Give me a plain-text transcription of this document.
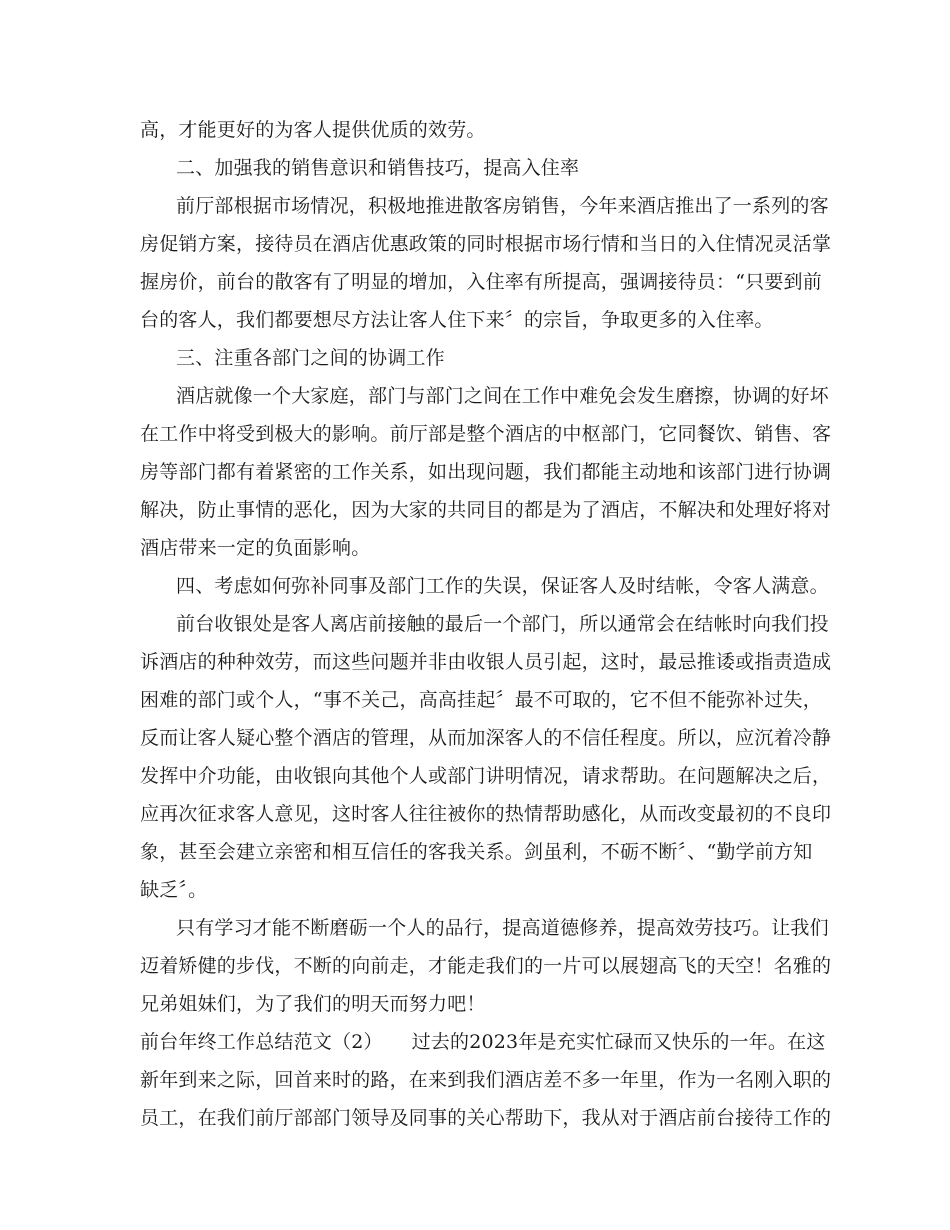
高，才能更好的为客人提供优质的效劳。
二、加强我的销售意识和销售技巧，提高入住率
前厅部根据市场情况，积极地推进散客房销售，今年来酒店推出了一系列的客
房促销方案，接待员在酒店优惠政策的同时根据市场行情和当日的入住情况灵活掌
握房价，前台的散客有了明显的增加，入住率有所提高，强调接待员：“只要到前
台的客人，我们都要想尽方法让客人住下来〞的宗旨，争取更多的入住率。
三、注重各部门之间的协调工作
酒店就像一个大家庭，部门与部门之间在工作中难免会发生磨擦，协调的好坏
在工作中将受到极大的影响。前厅部是整个酒店的中枢部门，它同餐饮、销售、客
房等部门都有着紧密的工作关系，如出现问题，我们都能主动地和该部门进行协调
解决，防止事情的恶化，因为大家的共同目的都是为了酒店，不解决和处理好将对
酒店带来一定的负面影响。
四、考虑如何弥补同事及部门工作的失误，保证客人及时结帐，令客人满意。
前台收银处是客人离店前接触的最后一个部门，所以通常会在结帐时向我们投
诉酒店的种种效劳，而这些问题并非由收银人员引起，这时，最忌推诿或指责造成
困难的部门或个人，“事不关己，高高挂起〞最不可取的，它不但不能弥补过失，
反而让客人疑心整个酒店的管理，从而加深客人的不信任程度。所以，应沉着冷静
发挥中介功能，由收银向其他个人或部门讲明情况，请求帮助。在问题解决之后，
应再次征求客人意见，这时客人往往被你的热情帮助感化，从而改变最初的不良印
象，甚至会建立亲密和相互信任的客我关系。剑虽利，不砺不断〞、“勤学前方知
缺乏〞。
只有学习才能不断磨砺一个人的品行，提高道德修养，提高效劳技巧。让我们
迈着矫健的步伐，不断的向前走，才能走我们的一片可以展翅高飞的天空！名雅的
兄弟姐妹们，为了我们的明天而努力吧！
前台年终工作总结范文（2）　　过去的2023年是充实忙碌而又快乐的一年。在这
新年到来之际，回首来时的路，在来到我们酒店差不多一年里，作为一名刚入职的
员工，在我们前厅部部门领导及同事的关心帮助下，我从对于酒店前台接待工作的
